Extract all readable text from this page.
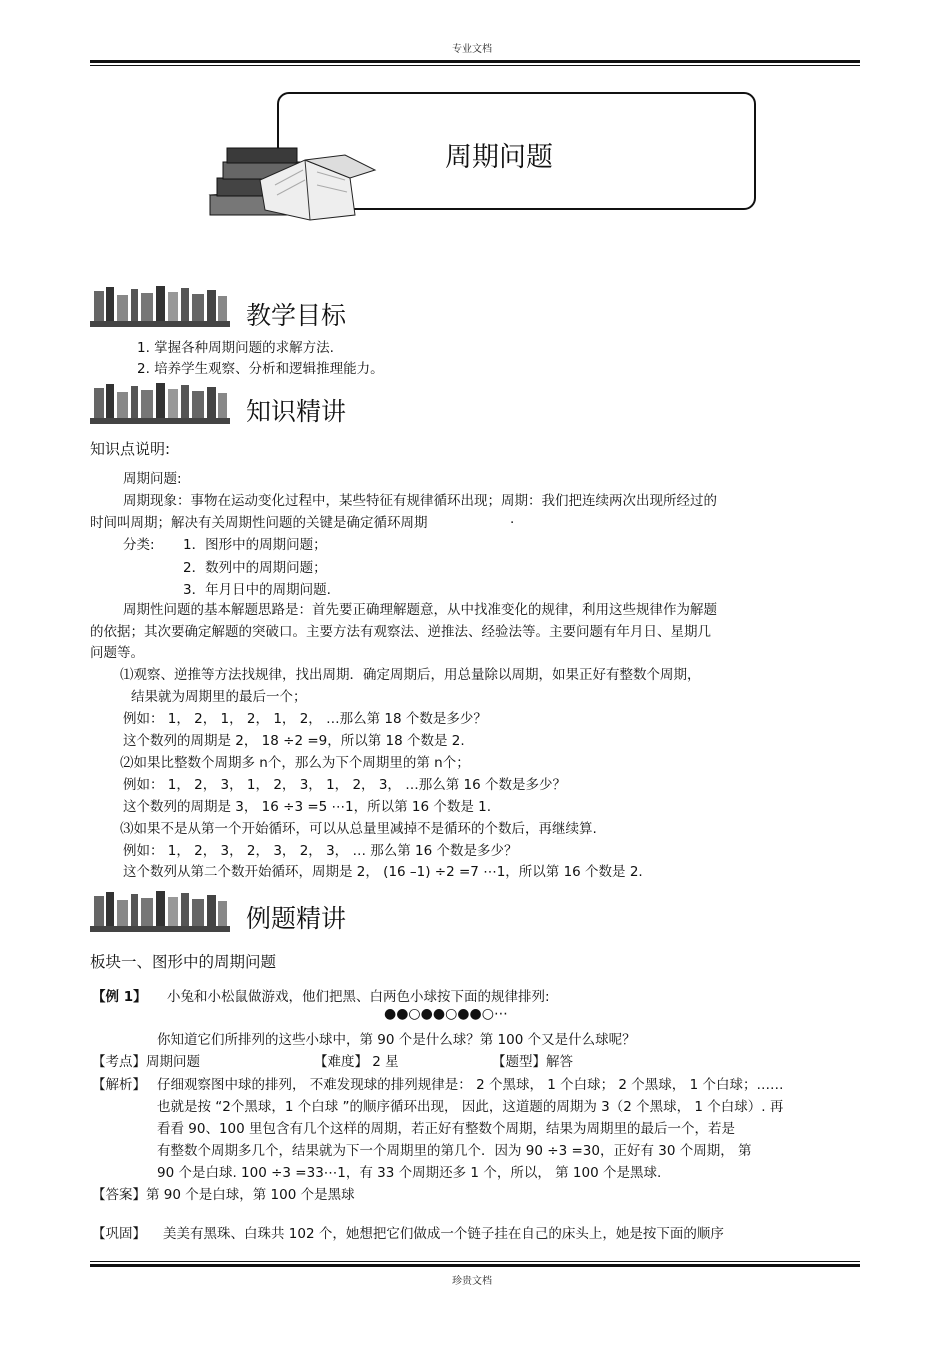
专业文档
周期问题
教学目标
1. 掌握各种周期问题的求解方法.
2. 培养学生观察、分析和逻辑推理能力。
知识精讲
知识点说明:
周期问题:
周期现象：事物在运动变化过程中，某些特征有规律循环出现；周期：我们把连续两次出现所经过的
时间叫周期；解决有关周期性问题的关键是确定循环周期	.
分类: 1．图形中的周期问题；
2．数列中的周期问题；
3．年月日中的周期问题.
周期性问题的基本解题思路是：首先要正确理解题意，从中找准变化的规律，利用这些规律作为解题
的依据；其次要确定解题的突破口。主要方法有观察法、逆推法、经验法等。主要问题有年月日、星期几
问题等。
⑴观察、逆推等方法找规律，找出周期．确定周期后，用总量除以周期，如果正好有整数个周期，
结果就为周期里的最后一个；
例如： 1， 2， 1， 2， 1， 2， …那么第 18 个数是多少？
这个数列的周期是 2， 18 ÷2 =9，所以第 18 个数是 2.
⑵如果比整数个周期多 n个，那么为下个周期里的第 n个；
例如： 1， 2， 3， 1， 2， 3， 1， 2， 3， …那么第 16 个数是多少？
这个数列的周期是 3， 16 ÷3 =5 ⋯1，所以第 16 个数是 1.
⑶如果不是从第一个开始循环，可以从总量里减掉不是循环的个数后，再继续算.
例如： 1， 2， 3， 2， 3， 2， 3， … 那么第 16 个数是多少？
这个数列从第二个数开始循环，周期是 2， (16 –1) ÷2 =7 ⋯1，所以第 16 个数是 2.
例题精讲
板块一、图形中的周期问题
【例 1】 小兔和小松鼠做游戏，他们把黑、白两色小球按下面的规律排列:
●●○●●○●●○⋯
你知道它们所排列的这些小球中，第 90 个是什么球？第 100 个又是什么球呢？
【考点】周期问题	【难度】 2 星	【题型】解答
【解析】 仔细观察图中球的排列， 不难发现球的排列规律是： 2 个黑球， 1 个白球； 2 个黑球， 1 个白球；……
也就是按 “2个黑球，1 个白球 ”的顺序循环出现， 因此，这道题的周期为 3（2 个黑球， 1 个白球）. 再
看看 90、100 里包含有几个这样的周期，若正好有整数个周期，结果为周期里的最后一个，若是
有整数个周期多几个，结果就为下一个周期里的第几个．因为 90 ÷3 =30，正好有 30 个周期， 第
90 个是白球. 100 ÷3 =33⋯1，有 33 个周期还多 1 个，所以， 第 100 个是黑球.
【答案】第 90 个是白球，第 100 个是黑球
【巩固】 美美有黑珠、白珠共 102 个，她想把它们做成一个链子挂在自己的床头上，她是按下面的顺序
珍贵文档
